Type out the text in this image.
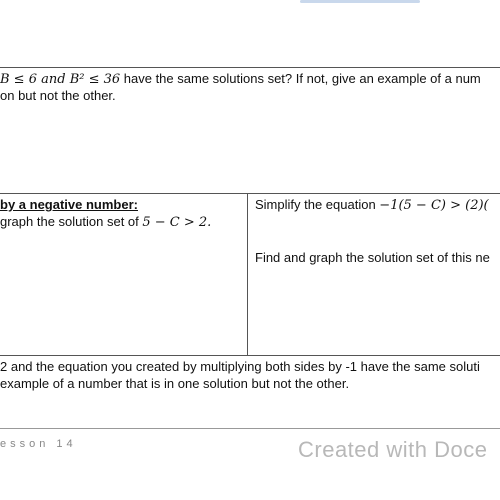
B ≤ 6 and B² ≤ 36 have the same solutions set? If not, give an example of a num
on but not the other.
by a negative number:
graph the solution set of 5 − C > 2.
Simplify the equation −1(5 − C) > (2)(
Find and graph the solution set of this ne
2 and the equation you created by multiplying both sides by -1 have the same soluti
example of a number that is in one solution but not the other.
esson 14	Created with Doce
